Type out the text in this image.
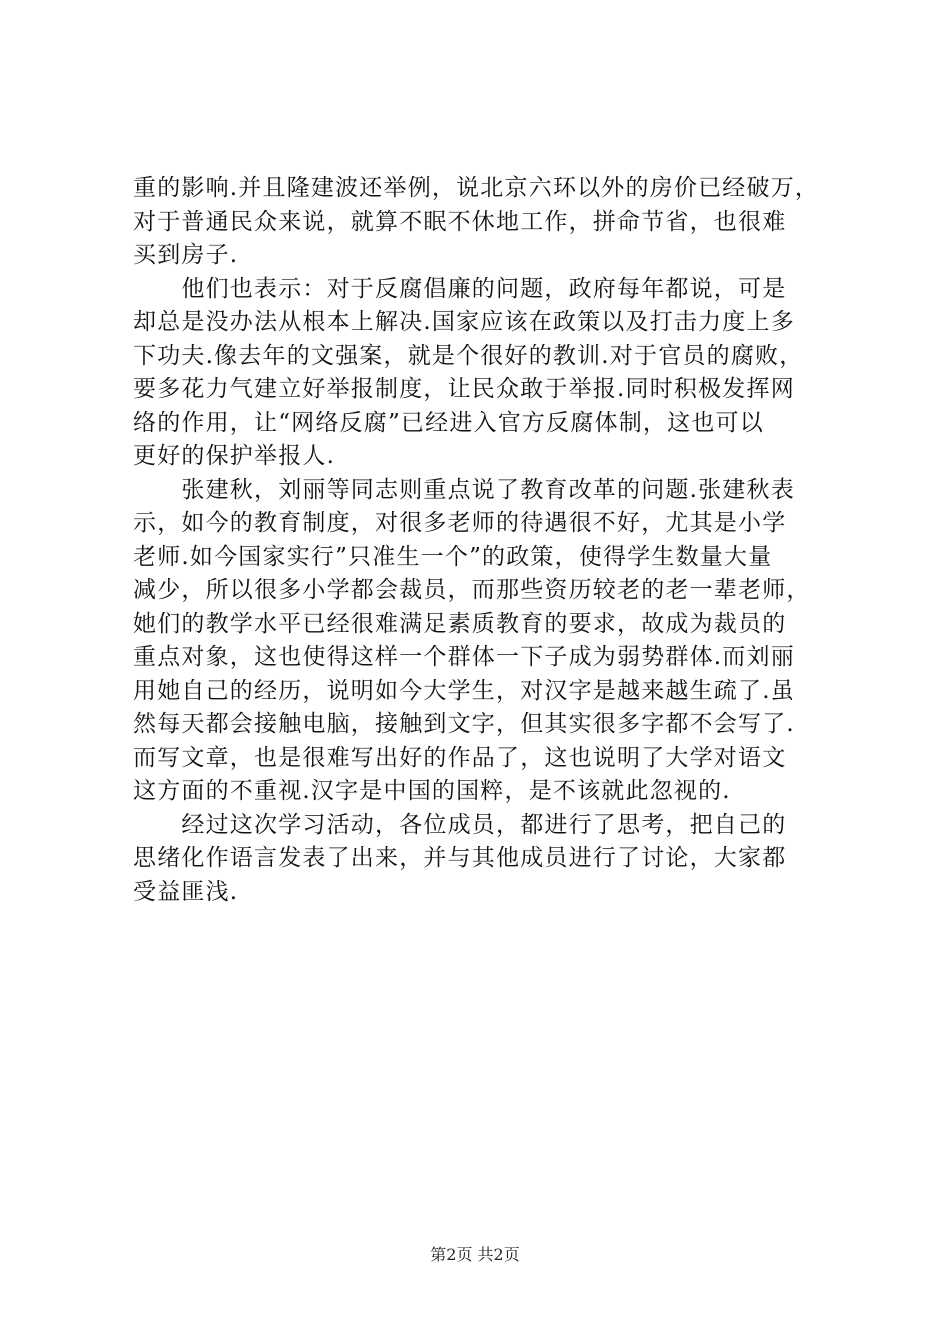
重的影响.并且隆建波还举例，说北京六环以外的房价已经破万，
对于普通民众来说，就算不眠不休地工作，拼命节省，也很难
买到房子.
　　他们也表示：对于反腐倡廉的问题，政府每年都说，可是
却总是没办法从根本上解决.国家应该在政策以及打击力度上多
下功夫.像去年的文强案，就是个很好的教训.对于官员的腐败，
要多花力气建立好举报制度，让民众敢于举报.同时积极发挥网
络的作用，让“网络反腐”已经进入官方反腐体制，这也可以
更好的保护举报人.
　　张建秋，刘丽等同志则重点说了教育改革的问题.张建秋表
示，如今的教育制度，对很多老师的待遇很不好，尤其是小学
老师.如今国家实行”只准生一个”的政策，使得学生数量大量
减少，所以很多小学都会裁员，而那些资历较老的老一辈老师，
她们的教学水平已经很难满足素质教育的要求，故成为裁员的
重点对象，这也使得这样一个群体一下子成为弱势群体.而刘丽
用她自己的经历，说明如今大学生，对汉字是越来越生疏了.虽
然每天都会接触电脑，接触到文字，但其实很多字都不会写了.
而写文章，也是很难写出好的作品了，这也说明了大学对语文
这方面的不重视.汉字是中国的国粹，是不该就此忽视的.
　　经过这次学习活动，各位成员，都进行了思考，把自己的
思绪化作语言发表了出来，并与其他成员进行了讨论，大家都
受益匪浅.
第2页 共2页
